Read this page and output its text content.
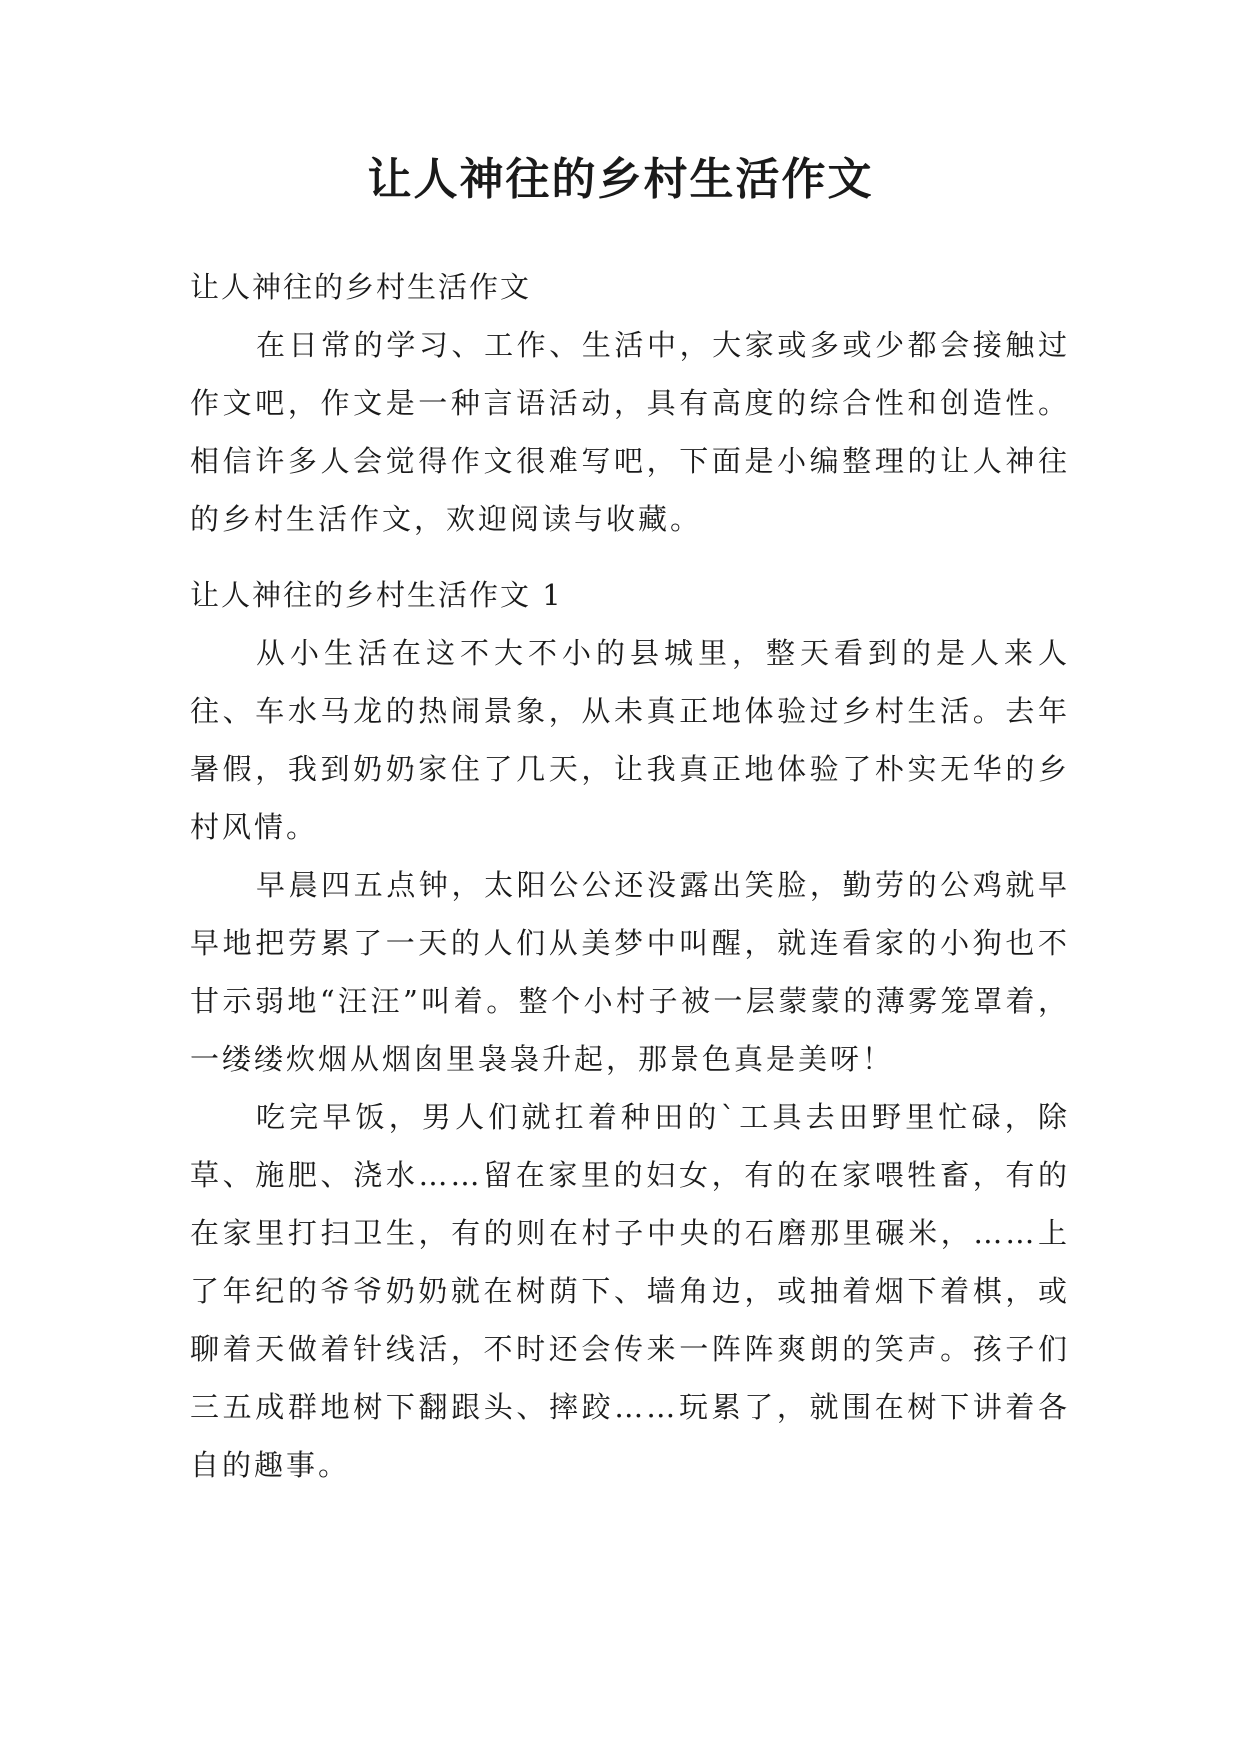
让人神往的乡村生活作文

让人神往的乡村生活作文

在日常的学习、工作、生活中，大家或多或少都会接触过作文吧，作文是一种言语活动，具有高度的综合性和创造性。相信许多人会觉得作文很难写吧，下面是小编整理的让人神往的乡村生活作文，欢迎阅读与收藏。

让人神往的乡村生活作文 1

从小生活在这不大不小的县城里，整天看到的是人来人往、车水马龙的热闹景象，从未真正地体验过乡村生活。去年暑假，我到奶奶家住了几天，让我真正地体验了朴实无华的乡村风情。

早晨四五点钟，太阳公公还没露出笑脸，勤劳的公鸡就早早地把劳累了一天的人们从美梦中叫醒，就连看家的小狗也不甘示弱地“汪汪”叫着。整个小村子被一层蒙蒙的薄雾笼罩着，一缕缕炊烟从烟囱里袅袅升起，那景色真是美呀！

吃完早饭，男人们就扛着种田的`工具去田野里忙碌，除草、施肥、浇水……留在家里的妇女，有的在家喂牲畜，有的在家里打扫卫生，有的则在村子中央的石磨那里碾米，……上了年纪的爷爷奶奶就在树荫下、墙角边，或抽着烟下着棋，或聊着天做着针线活，不时还会传来一阵阵爽朗的笑声。孩子们三五成群地树下翻跟头、摔跤……玩累了，就围在树下讲着各自的趣事。
